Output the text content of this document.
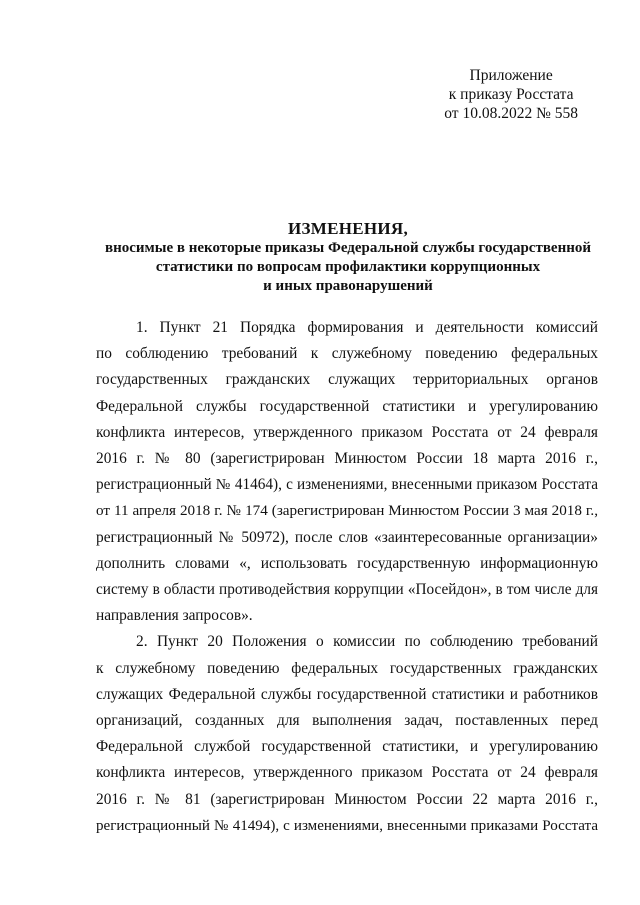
Приложение
к приказу Росстата
от 10.08.2022 № 558
ИЗМЕНЕНИЯ,
вносимые в некоторые приказы Федеральной службы государственной
статистики по вопросам профилактики коррупционных
и иных правонарушений
1. Пункт 21 Порядка формирования и деятельности комиссий
по соблюдению требований к служебному поведению федеральных
государственных гражданских служащих территориальных органов
Федеральной службы государственной статистики и урегулированию
конфликта интересов, утвержденного приказом Росстата от 24 февраля
2016 г. № 80 (зарегистрирован Минюстом России 18 марта 2016 г.,
регистрационный № 41464), с изменениями, внесенными приказом Росстата
от 11 апреля 2018 г. № 174 (зарегистрирован Минюстом России 3 мая 2018 г.,
регистрационный № 50972), после слов «заинтересованные организации»
дополнить словами «, использовать государственную информационную
систему в области противодействия коррупции «Посейдон», в том числе для
направления запросов».
2. Пункт 20 Положения о комиссии по соблюдению требований
к служебному поведению федеральных государственных гражданских
служащих Федеральной службы государственной статистики и работников
организаций, созданных для выполнения задач, поставленных перед
Федеральной службой государственной статистики, и урегулированию
конфликта интересов, утвержденного приказом Росстата от 24 февраля
2016 г. № 81 (зарегистрирован Минюстом России 22 марта 2016 г.,
регистрационный № 41494), с изменениями, внесенными приказами Росстата
